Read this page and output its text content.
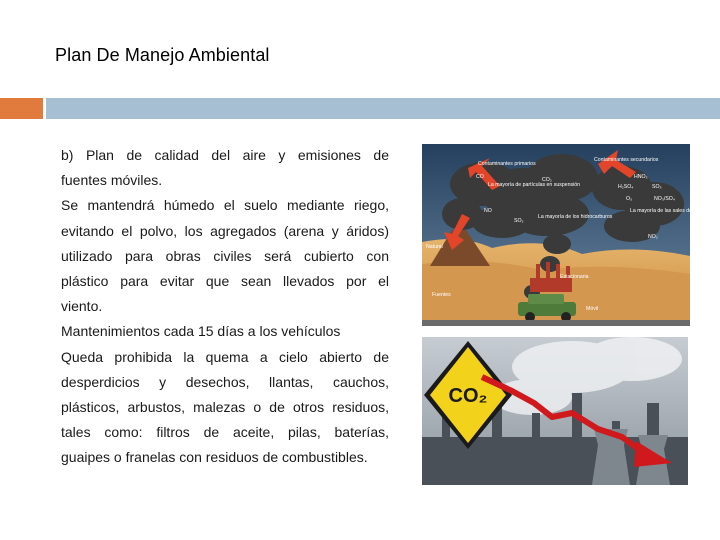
Plan De Manejo Ambiental

b) Plan de calidad del aire y emisiones de

fuentes móviles.

Se mantendrá húmedo el suelo mediante riego,

evitando el polvo, los agregados (arena y áridos)

utilizado para obras civiles será cubierto con

plástico para evitar que sean llevados por el

viento.

Mantenimientos cada 15 días a los vehículos

Queda prohibida la quema a cielo abierto de

desperdicios y desechos, llantas, cauchos,

plásticos, arbustos, malezas o de otros residuos,

tales como: filtros de aceite, pilas, baterías,

guaipes o franelas con residuos de combustibles.

Contaminantes primarios
Contaminantes secundarios
CO	CO₂
La mayoría de partículas en suspensión
NO
SO₂
La mayoría de los hidrocarburos
HNO₃
H₂SO₄	SO₃
O₃	NO₃/SO₄
La mayoría de las sales de NO₃ y SO₄
NO₂
Natural
Estacionaria
Fuentes
Móvil
CO₂
